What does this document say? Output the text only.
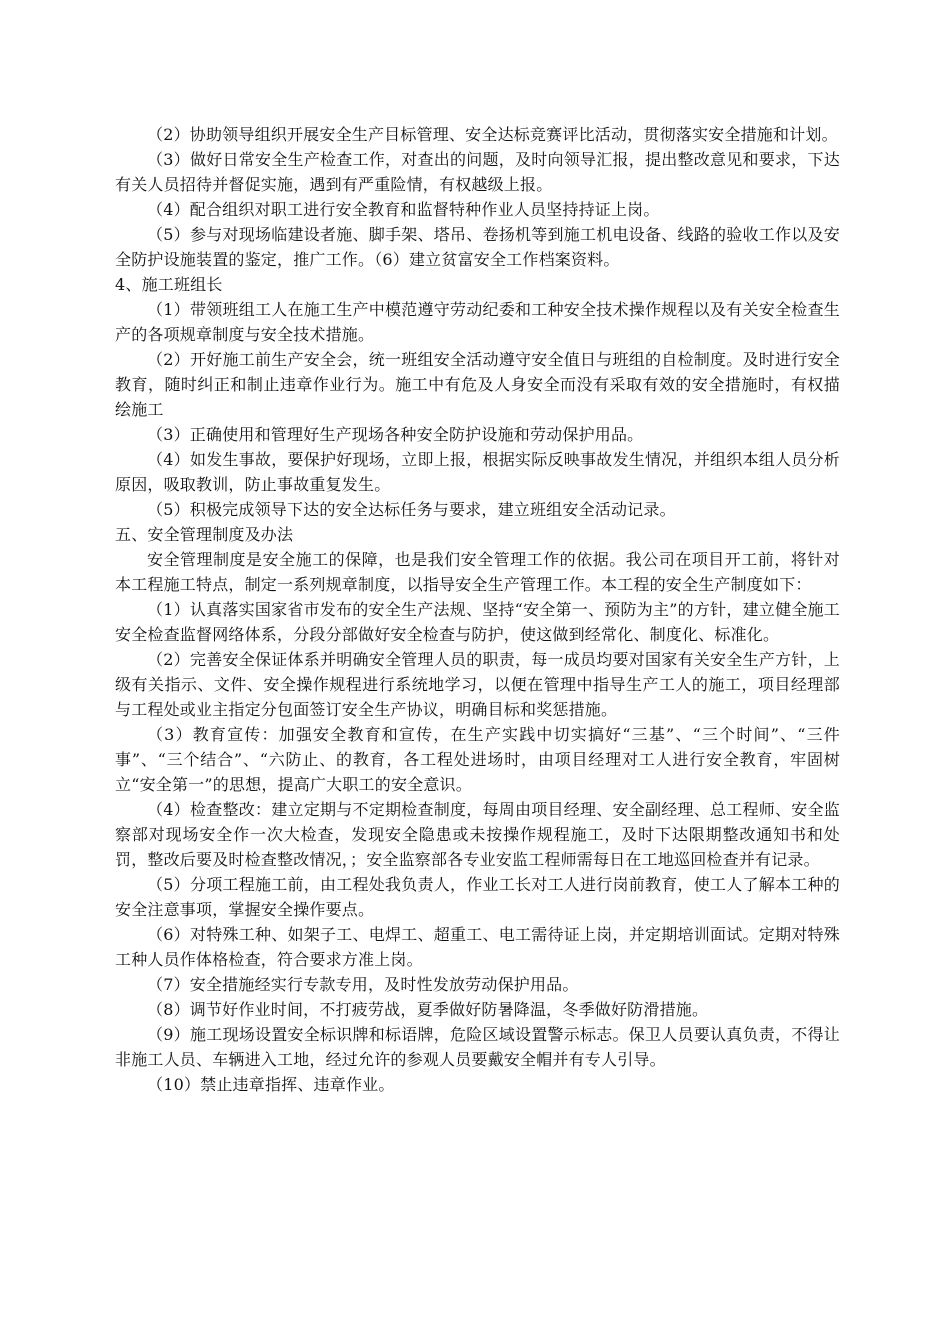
（2）协助领导组织开展安全生产目标管理、安全达标竞赛评比活动，贯彻落实安全措施和计划。

（3）做好日常安全生产检查工作，对查出的问题，及时向领导汇报，提出整改意见和要求，下达有关人员招待并督促实施，遇到有严重险情，有权越级上报。

（4）配合组织对职工进行安全教育和监督特种作业人员坚持持证上岗。

（5）参与对现场临建设者施、脚手架、塔吊、卷扬机等到施工机电设备、线路的验收工作以及安全防护设施装置的鉴定，推广工作。（6）建立贫富安全工作档案资料。

4、施工班组长

（1）带领班组工人在施工生产中模范遵守劳动纪委和工种安全技术操作规程以及有关安全检查生产的各项规章制度与安全技术措施。

（2）开好施工前生产安全会，统一班组安全活动遵守安全值日与班组的自检制度。及时进行安全教育，随时纠正和制止违章作业行为。施工中有危及人身安全而没有采取有效的安全措施时，有权描绘施工

（3）正确使用和管理好生产现场各种安全防护设施和劳动保护用品。

（4）如发生事故，要保护好现场，立即上报，根据实际反映事故发生情况，并组织本组人员分析原因，吸取教训，防止事故重复发生。

（5）积极完成领导下达的安全达标任务与要求，建立班组安全活动记录。

五、安全管理制度及办法

安全管理制度是安全施工的保障，也是我们安全管理工作的依据。我公司在项目开工前，将针对本工程施工特点，制定一系列规章制度，以指导安全生产管理工作。本工程的安全生产制度如下：

（1）认真落实国家省市发布的安全生产法规、坚持“安全第一、预防为主”的方针，建立健全施工安全检查监督网络体系，分段分部做好安全检查与防护，使这做到经常化、制度化、标准化。

（2）完善安全保证体系并明确安全管理人员的职责，每一成员均要对国家有关安全生产方针，上级有关指示、文件、安全操作规程进行系统地学习，以便在管理中指导生产工人的施工，项目经理部与工程处或业主指定分包面签订安全生产协议，明确目标和奖惩措施。

（3）教育宣传：加强安全教育和宣传，在生产实践中切实搞好“三基”、“三个时间”、“三件事”、“三个结合”、“六防止、的教育，各工程处进场时，由项目经理对工人进行安全教育，牢固树立“安全第一”的思想，提高广大职工的安全意识。

（4）检查整改：建立定期与不定期检查制度，每周由项目经理、安全副经理、总工程师、安全监察部对现场安全作一次大检查，发现安全隐患或未按操作规程施工，及时下达限期整改通知书和处罚，整改后要及时检查整改情况，；安全监察部各专业安监工程师需每日在工地巡回检查并有记录。

（5）分项工程施工前，由工程处我负责人，作业工长对工人进行岗前教育，使工人了解本工种的安全注意事项，掌握安全操作要点。

（6）对特殊工种、如架子工、电焊工、超重工、电工需待证上岗，并定期培训面试。定期对特殊工种人员作体格检查，符合要求方准上岗。

（7）安全措施经实行专款专用，及时性发放劳动保护用品。

（8）调节好作业时间，不打疲劳战，夏季做好防暑降温，冬季做好防滑措施。

（9）施工现场设置安全标识牌和标语牌，危险区域设置警示标志。保卫人员要认真负责，不得让非施工人员、车辆进入工地，经过允许的参观人员要戴安全帽并有专人引导。

（10）禁止违章指挥、违章作业。
